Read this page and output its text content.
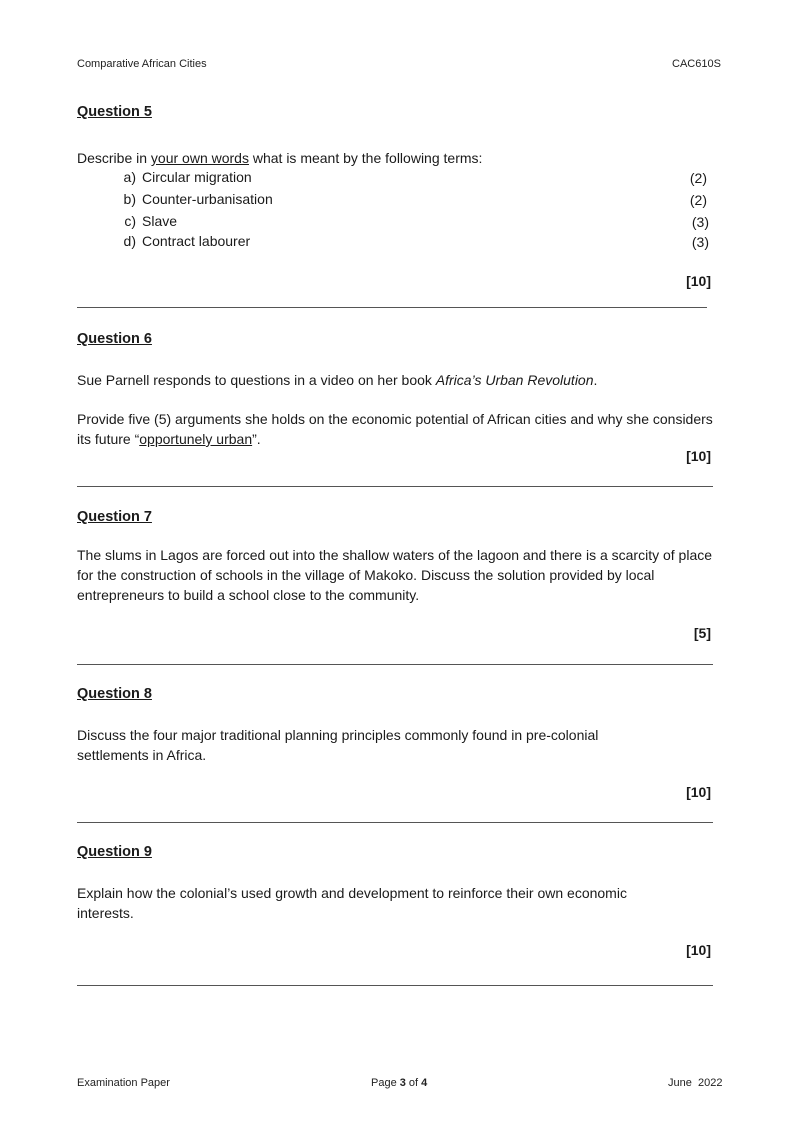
Comparative African Cities	CAC610S
Question 5
Describe in your own words what is meant by the following terms:
a) Circular migration	(2)
b) Counter-urbanisation	(2)
c) Slave	(3)
d) Contract labourer	(3)
[10]
Question 6
Sue Parnell responds to questions in a video on her book Africa’s Urban Revolution.
Provide five (5) arguments she holds on the economic potential of African cities and why she considers its future “opportunely urban”.
[10]
Question 7
The slums in Lagos are forced out into the shallow waters of the lagoon and there is a scarcity of place for the construction of schools in the village of Makoko. Discuss the solution provided by local entrepreneurs to build a school close to the community.
[5]
Question 8
Discuss the four major traditional planning principles commonly found in pre-colonial settlements in Africa.
[10]
Question 9
Explain how the colonial’s used growth and development to reinforce their own economic interests.
[10]
Examination Paper	Page 3 of 4	June  2022
